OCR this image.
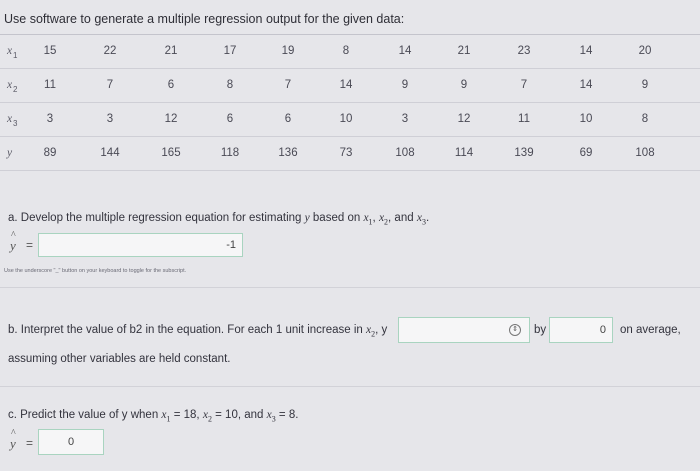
Use software to generate a multiple regression output for the given data:
x 1 15	22	21	17	19	8	14	21	23	14	20
x 2 11	7	6	8	7	14	9	9	7	14	9
x 3	3	3	12	6	6	10	3	12	11	10	8
y	89	144	165	118	136	73	108	114	139	69	108
a. Develop the multiple regression equation for estimating y based on $x_1$, $x_2$, and $x_3$.
^
y =	-1
Use the underscore "_" button on your keyboard to toggle for the subscript.
b. Interpret the value of b2 in the equation. For each 1 unit increase in $x_2$, y	⇕ by	0	on average,
assuming other variables are held constant.
c. Predict the value of y when $x_1 = 18$, $x_2 = 10$, and $x_3 = 8$.
^
y =	0
